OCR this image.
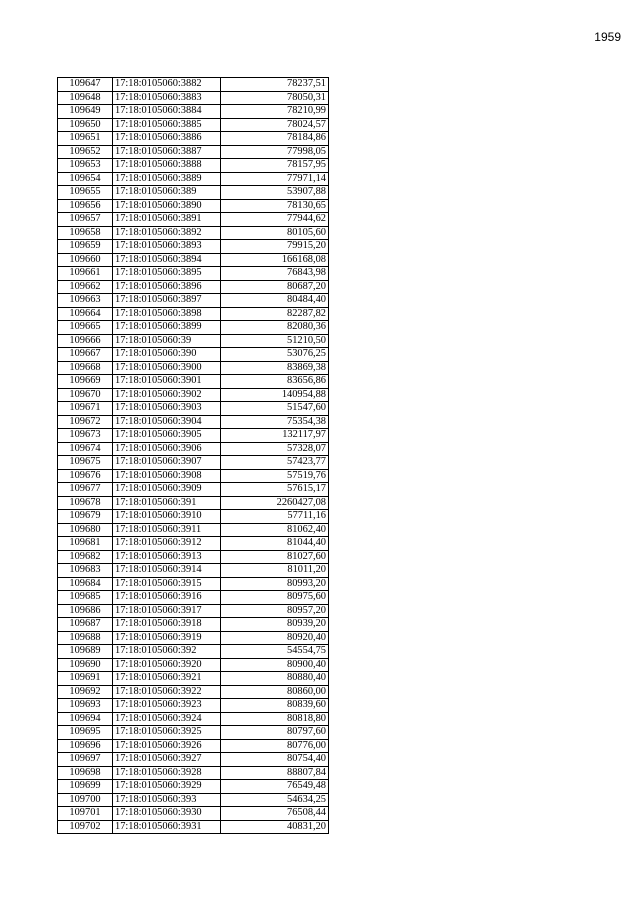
1959
109647	17:18:0105060:3882	78237,51
109648	17:18:0105060:3883	78050,31
109649	17:18:0105060:3884	78210,99
109650	17:18:0105060:3885	78024,57
109651	17:18:0105060:3886	78184,86
109652	17:18:0105060:3887	77998,05
109653	17:18:0105060:3888	78157,95
109654	17:18:0105060:3889	77971,14
109655	17:18:0105060:389	53907,88
109656	17:18:0105060:3890	78130,65
109657	17:18:0105060:3891	77944,62
109658	17:18:0105060:3892	80105,60
109659	17:18:0105060:3893	79915,20
109660	17:18:0105060:3894	166168,08
109661	17:18:0105060:3895	76843,98
109662	17:18:0105060:3896	80687,20
109663	17:18:0105060:3897	80484,40
109664	17:18:0105060:3898	82287,82
109665	17:18:0105060:3899	82080,36
109666	17:18:0105060:39	51210,50
109667	17:18:0105060:390	53076,25
109668	17:18:0105060:3900	83869,38
109669	17:18:0105060:3901	83656,86
109670	17:18:0105060:3902	140954,88
109671	17:18:0105060:3903	51547,60
109672	17:18:0105060:3904	75354,38
109673	17:18:0105060:3905	132117,97
109674	17:18:0105060:3906	57328,07
109675	17:18:0105060:3907	57423,77
109676	17:18:0105060:3908	57519,76
109677	17:18:0105060:3909	57615,17
109678	17:18:0105060:391	2260427,08
109679	17:18:0105060:3910	57711,16
109680	17:18:0105060:3911	81062,40
109681	17:18:0105060:3912	81044,40
109682	17:18:0105060:3913	81027,60
109683	17:18:0105060:3914	81011,20
109684	17:18:0105060:3915	80993,20
109685	17:18:0105060:3916	80975,60
109686	17:18:0105060:3917	80957,20
109687	17:18:0105060:3918	80939,20
109688	17:18:0105060:3919	80920,40
109689	17:18:0105060:392	54554,75
109690	17:18:0105060:3920	80900,40
109691	17:18:0105060:3921	80880,40
109692	17:18:0105060:3922	80860,00
109693	17:18:0105060:3923	80839,60
109694	17:18:0105060:3924	80818,80
109695	17:18:0105060:3925	80797,60
109696	17:18:0105060:3926	80776,00
109697	17:18:0105060:3927	80754,40
109698	17:18:0105060:3928	88807,84
109699	17:18:0105060:3929	76549,48
109700	17:18:0105060:393	54634,25
109701	17:18:0105060:3930	76508,44
109702	17:18:0105060:3931	40831,20
